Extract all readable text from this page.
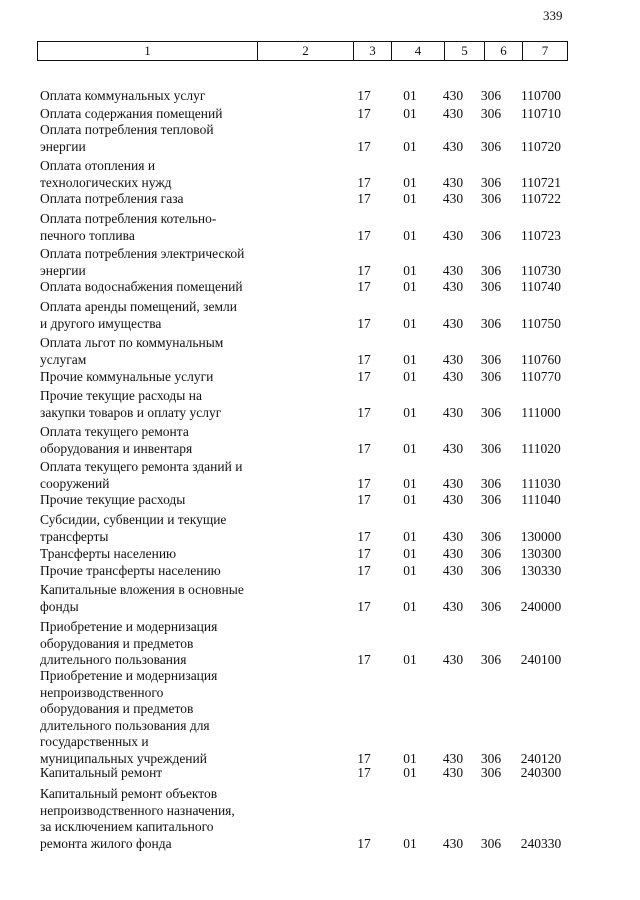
339
1	2	3	4	5	6	7
Оплата коммунальных услуг	17 01 430 306	110700
Оплата содержания помещений	17 01 430 306	110710
Оплата потребления тепловой
энергии	17 01 430 306	110720
Оплата отопления и
технологических нужд	17 01 430 306	110721
Оплата потребления газа	17 01 430 306	110722
Оплата потребления котельно-
печного топлива	17 01 430 306	110723
Оплата потребления электрической
энергии	17 01 430 306	110730
Оплата водоснабжения помещений	17 01 430 306	110740
Оплата аренды помещений, земли
и другого имущества	17 01 430 306	110750
Оплата льгот по коммунальным
услугам	17 01 430 306	110760
Прочие коммунальные услуги	17 01 430 306	110770
Прочие текущие расходы на
закупки товаров и оплату услуг	17 01 430 306	111000
Оплата текущего ремонта
оборудования и инвентаря	17 01 430 306	111020
Оплата текущего ремонта зданий и
сооружений	17 01 430 306	111030
Прочие текущие расходы	17 01 430 306	111040
Субсидии, субвенции и текущие
трансферты	17 01 430 306	130000
Трансферты населению	17 01 430 306	130300
Прочие трансферты населению	17 01 430 306	130330
Капитальные вложения в основные
фонды	17 01 430 306	240000
Приобретение и модернизация
оборудования и предметов
длительного пользования	17 01 430 306	240100
Приобретение и модернизация
непроизводственного
оборудования и предметов
длительного пользования для
государственных и
муниципальных учреждений	17 01 430 306	240120
Капитальный ремонт	17 01 430 306	240300
Капитальный ремонт объектов
непроизводственного назначения,
за исключением капитального
ремонта жилого фонда	17 01 430 306	240330
